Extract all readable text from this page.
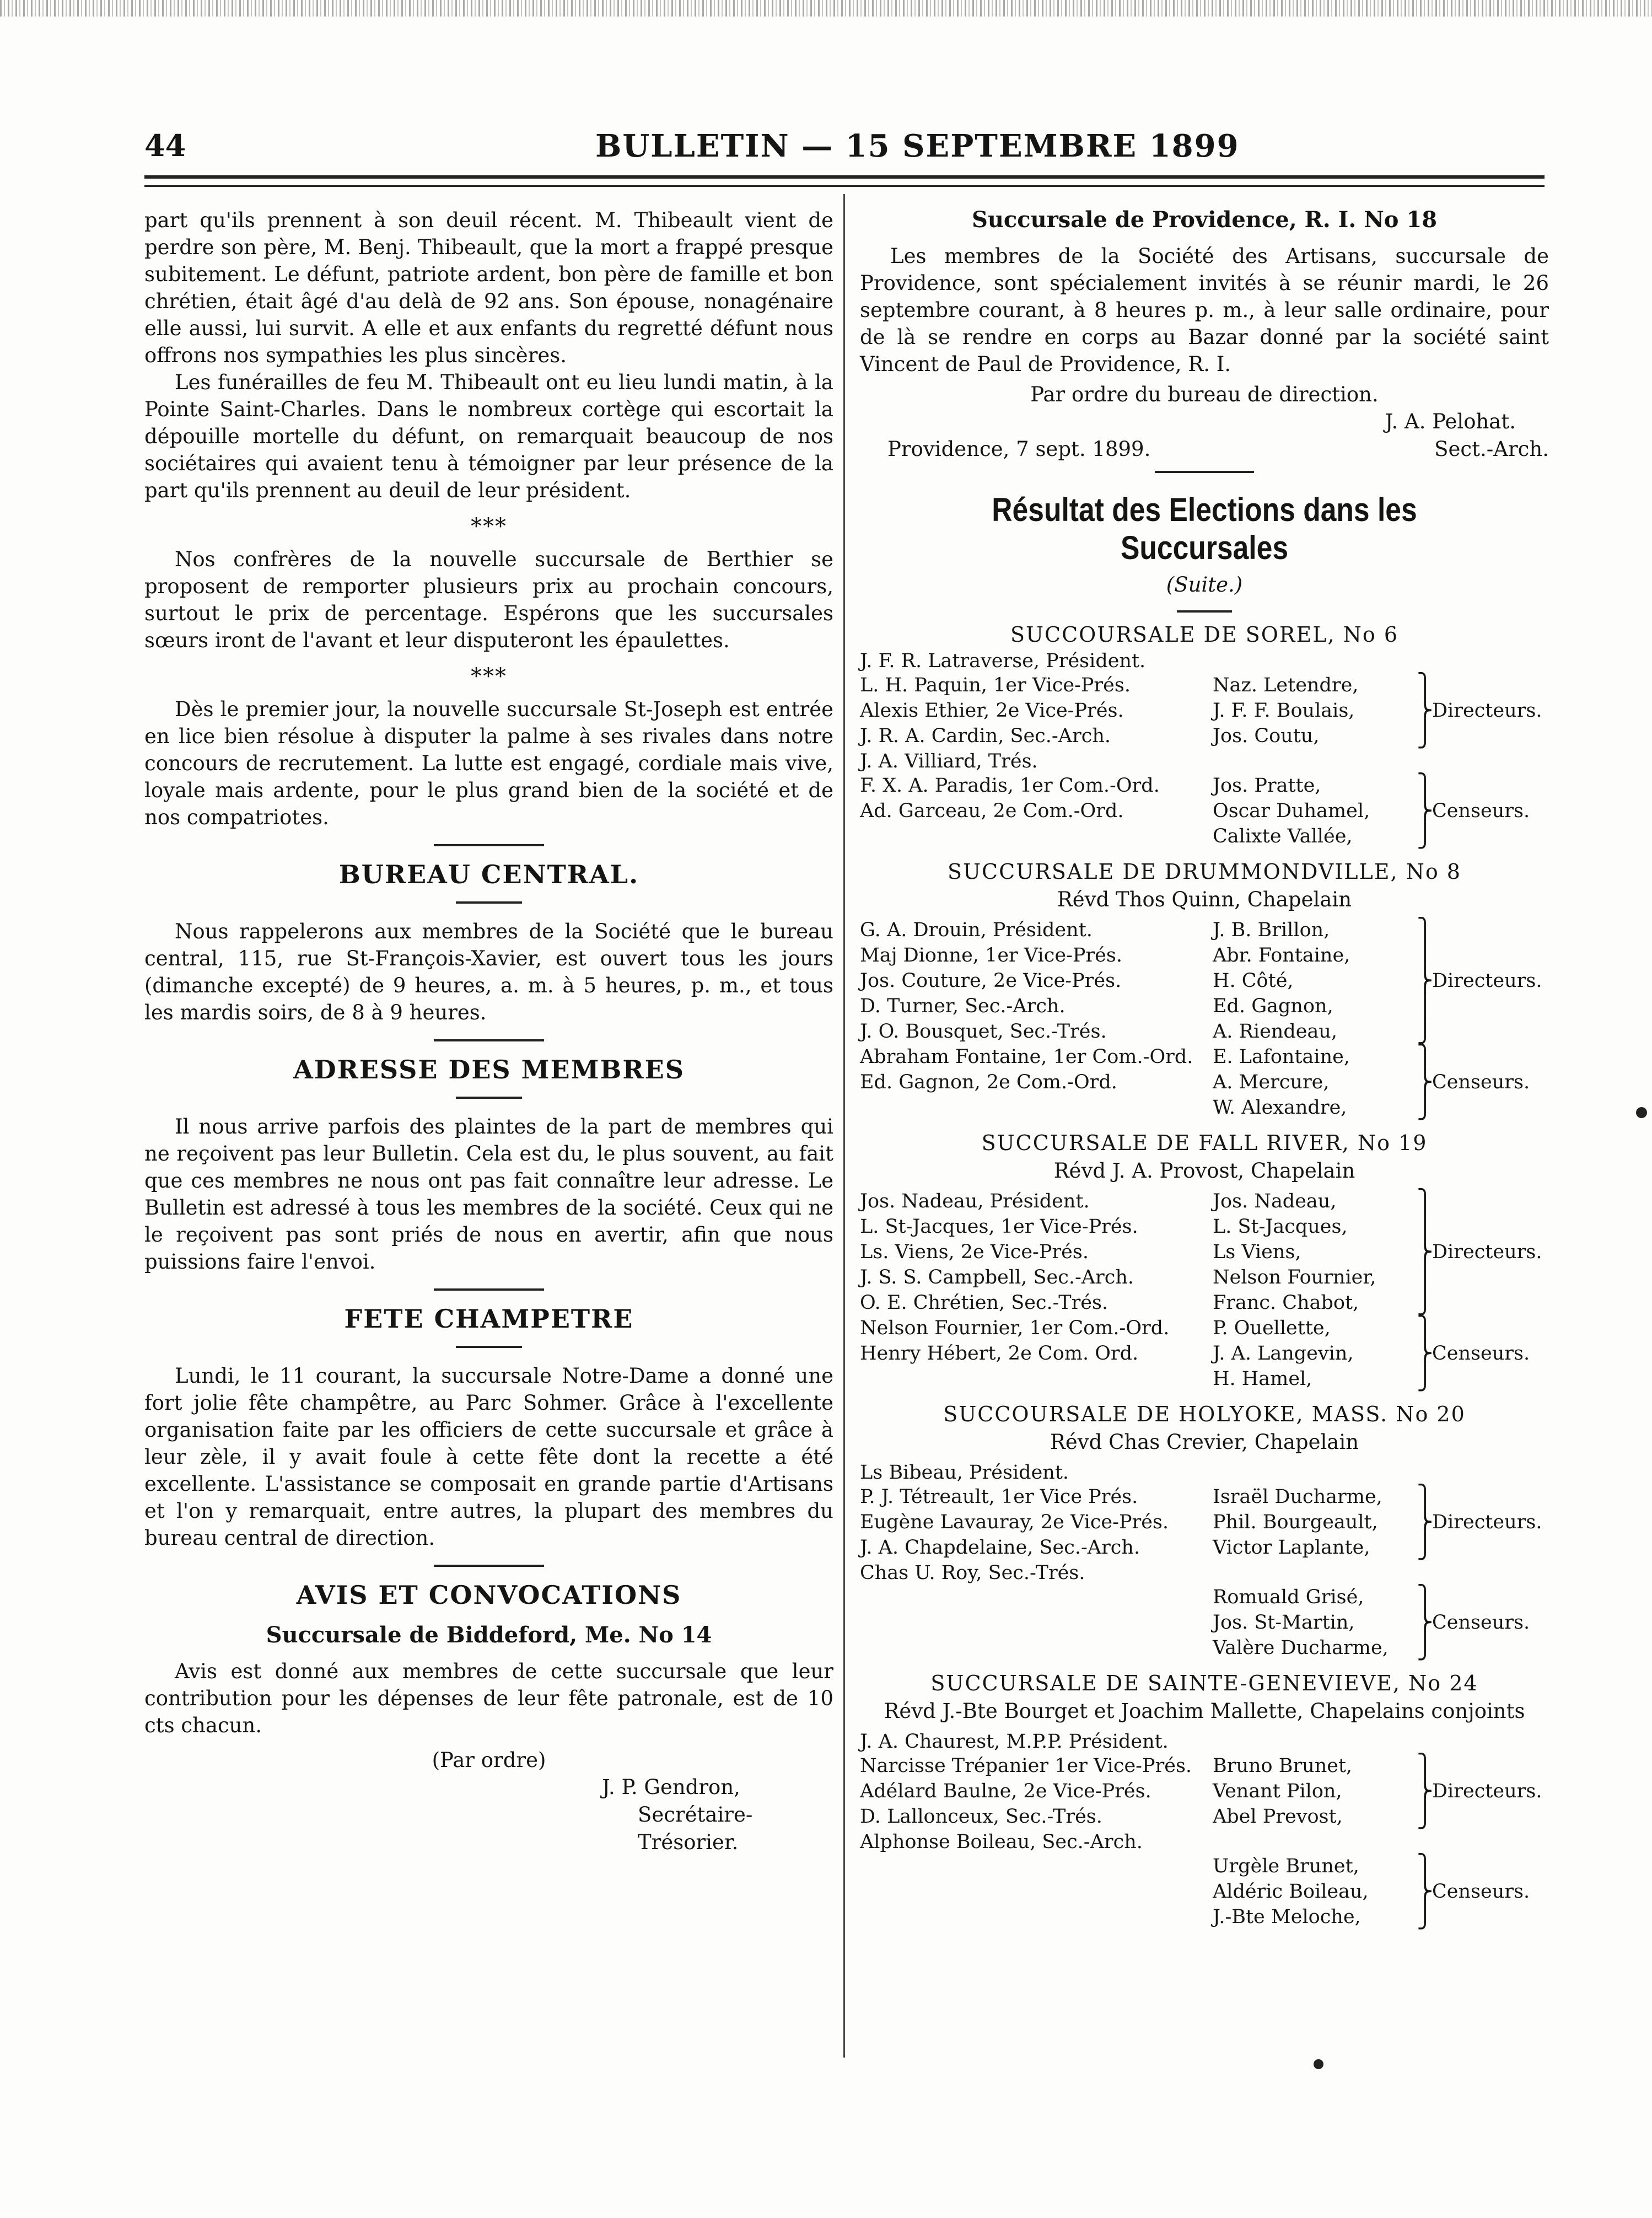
44	BULLETIN — 15 SEPTEMBRE 1899

part qu'ils prennent à son deuil récent. M. Thibeault vient de perdre son père, M. Benj. Thibeault, que la mort a frappé presque subitement. Le défunt, patriote ardent, bon père de famille et bon chrétien, était âgé d'au delà de 92 ans. Son épouse, nonagénaire elle aussi, lui survit. A elle et aux enfants du regretté défunt nous offrons nos sympathies les plus sincères.

Les funérailles de feu M. Thibeault ont eu lieu lundi matin, à la Pointe Saint-Charles. Dans le nombreux cortège qui escortait la dépouille mortelle du défunt, on remarquait beaucoup de nos sociétaires qui avaient tenu à témoigner par leur présence de la part qu'ils prennent au deuil de leur président.

***

Nos confrères de la nouvelle succursale de Berthier se proposent de remporter plusieurs prix au prochain concours, surtout le prix de percentage. Espérons que les succursales sœurs iront de l'avant et leur disputeront les épaulettes.

***

Dès le premier jour, la nouvelle succursale St-Joseph est entrée en lice bien résolue à disputer la palme à ses rivales dans notre concours de recrutement. La lutte est engagé, cordiale mais vive, loyale mais ardente, pour le plus grand bien de la société et de nos compatriotes.

BUREAU CENTRAL.

Nous rappelerons aux membres de la Société que le bureau central, 115, rue St-François-Xavier, est ouvert tous les jours (dimanche excepté) de 9 heures, a. m. à 5 heures, p. m., et tous les mardis soirs, de 8 à 9 heures.

ADRESSE DES MEMBRES

Il nous arrive parfois des plaintes de la part de membres qui ne reçoivent pas leur Bulletin. Cela est du, le plus souvent, au fait que ces membres ne nous ont pas fait connaître leur adresse. Le Bulletin est adressé à tous les membres de la société. Ceux qui ne le reçoivent pas sont priés de nous en avertir, afin que nous puissions faire l'envoi.

FETE CHAMPETRE

Lundi, le 11 courant, la succursale Notre-Dame a donné une fort jolie fête champêtre, au Parc Sohmer. Grâce à l'excellente organisation faite par les officiers de cette succursale et grâce à leur zèle, il y avait foule à cette fête dont la recette a été excellente. L'assistance se composait en grande partie d'Artisans et l'on y remarquait, entre autres, la plupart des membres du bureau central de direction.

AVIS ET CONVOCATIONS
Succursale de Biddeford, Me. No 14

Avis est donné aux membres de cette succursale que leur contribution pour les dépenses de leur fête patronale, est de 10 cts chacun.

(Par ordre)
J. P. Gendron,
Secrétaire-Trésorier.
Succursale de Providence, R. I. No 18

Les membres de la Société des Artisans, succursale de Providence, sont spécialement invités à se réunir mardi, le 26 septembre courant, à 8 heures p. m., à leur salle ordinaire, pour de là se rendre en corps au Bazar donné par la société saint Vincent de Paul de Providence, R. I.

Par ordre du bureau de direction.
J. A. Pelohat.
Providence, 7 sept. 1899.	Sect.-Arch.
Résultat des Elections dans les Succursales
(Suite.)
SUCCOURSALE DE SOREL, No 6
J. F. R. Latraverse, Président.		
L. H. Paquin, 1er Vice-Prés.	Naz. Letendre,	⎫
Alexis Ethier, 2e Vice-Prés.	J. F. F. Boulais,	⎬
Directeurs.

J. R. A. Cardin, Sec.-Arch.	Jos. Coutu,	⎭
J. A. Villiard, Trés.		
F. X. A. Paradis, 1er Com.-Ord.	Jos. Pratte,	⎫
Ad. Garceau, 2e Com.-Ord.	Oscar Duhamel,	⎬
Censeurs.

	Calixte Vallée,	⎭
SUCCURSALE DE DRUMMONDVILLE, No 8
Révd Thos Quinn, Chapelain
G. A. Drouin, Président.	J. B. Brillon,	⎫
Maj Dionne, 1er Vice-Prés.	Abr. Fontaine,	⎪
Jos. Couture, 2e Vice-Prés.	H. Côté,	⎬
Directeurs.

D. Turner, Sec.-Arch.	Ed. Gagnon,	⎪
J. O. Bousquet, Sec.-Trés.	A. Riendeau,	⎭
Abraham Fontaine, 1er Com.-Ord.	E. Lafontaine,	⎫
Ed. Gagnon, 2e Com.-Ord.	A. Mercure,	⎬
Censeurs.

	W. Alexandre,	⎭
SUCCURSALE DE FALL RIVER, No 19
Révd J. A. Provost, Chapelain
Jos. Nadeau, Président.	Jos. Nadeau,	⎫
L. St-Jacques, 1er Vice-Prés.	L. St-Jacques,	⎪
Ls. Viens, 2e Vice-Prés.	Ls Viens,	⎬
Directeurs.

J. S. S. Campbell, Sec.-Arch.	Nelson Fournier,	⎪
O. E. Chrétien, Sec.-Trés.	Franc. Chabot,	⎭
Nelson Fournier, 1er Com.-Ord.	P. Ouellette,	⎫
Henry Hébert, 2e Com. Ord.	J. A. Langevin,	⎬
Censeurs.

	H. Hamel,	⎭
SUCCOURSALE DE HOLYOKE, MASS. No 20
Révd Chas Crevier, Chapelain
Ls Bibeau, Président.		
P. J. Tétreault, 1er Vice Prés.	Israël Ducharme,	⎫
Eugène Lavauray, 2e Vice-Prés.	Phil. Bourgeault,	⎬
Directeurs.

J. A. Chapdelaine, Sec.-Arch.	Victor Laplante,	⎭
Chas U. Roy, Sec.-Trés.		
	Romuald Grisé,	⎫
	Jos. St-Martin,	⎬
Censeurs.

	Valère Ducharme,	⎭
SUCCURSALE DE SAINTE-GENEVIEVE, No 24
Révd J.-Bte Bourget et Joachim Mallette, Chapelains conjoints
J. A. Chaurest, M.P.P. Président.		
Narcisse Trépanier 1er Vice-Prés.	Bruno Brunet,	⎫
Adélard Baulne, 2e Vice-Prés.	Venant Pilon,	⎬
Directeurs.

D. Lallonceux, Sec.-Trés.	Abel Prevost,	⎭
Alphonse Boileau, Sec.-Arch.		
	Urgèle Brunet,	⎫
	Aldéric Boileau,	⎬
Censeurs.

	J.-Bte Meloche,	⎭
